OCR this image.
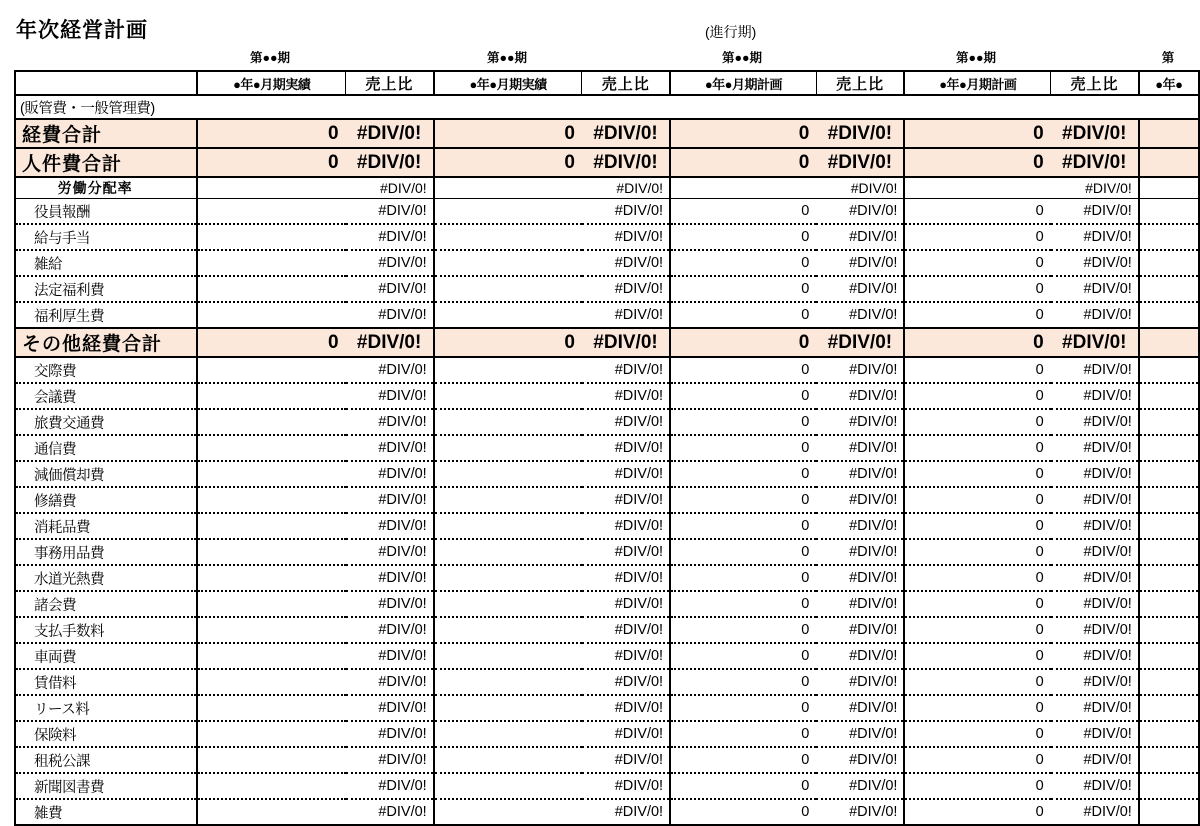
年次経営計画	(進行期)
第●●期	第●●期	第●●期	第●●期	第
	●年●月期実績	売上比	●年●月期実績	売上比	●年●月期計画	売上比	●年●月期計画	売上比	●年●
(販管費・一般管理費)									
経費合計	0	#DIV/0!	0	#DIV/0!	0	#DIV/0!	0	#DIV/0!	
人件費合計	0	#DIV/0!	0	#DIV/0!	0	#DIV/0!	0	#DIV/0!	
労働分配率		#DIV/0!		#DIV/0!		#DIV/0!		#DIV/0!	
役員報酬		#DIV/0!		#DIV/0!	0	#DIV/0!	0	#DIV/0!	
給与手当		#DIV/0!		#DIV/0!	0	#DIV/0!	0	#DIV/0!	
雑給		#DIV/0!		#DIV/0!	0	#DIV/0!	0	#DIV/0!	
法定福利費		#DIV/0!		#DIV/0!	0	#DIV/0!	0	#DIV/0!	
福利厚生費		#DIV/0!		#DIV/0!	0	#DIV/0!	0	#DIV/0!	
その他経費合計	0	#DIV/0!	0	#DIV/0!	0	#DIV/0!	0	#DIV/0!	
交際費		#DIV/0!		#DIV/0!	0	#DIV/0!	0	#DIV/0!	
会議費		#DIV/0!		#DIV/0!	0	#DIV/0!	0	#DIV/0!	
旅費交通費		#DIV/0!		#DIV/0!	0	#DIV/0!	0	#DIV/0!	
通信費		#DIV/0!		#DIV/0!	0	#DIV/0!	0	#DIV/0!	
減価償却費		#DIV/0!		#DIV/0!	0	#DIV/0!	0	#DIV/0!	
修繕費		#DIV/0!		#DIV/0!	0	#DIV/0!	0	#DIV/0!	
消耗品費		#DIV/0!		#DIV/0!	0	#DIV/0!	0	#DIV/0!	
事務用品費		#DIV/0!		#DIV/0!	0	#DIV/0!	0	#DIV/0!	
水道光熱費		#DIV/0!		#DIV/0!	0	#DIV/0!	0	#DIV/0!	
諸会費		#DIV/0!		#DIV/0!	0	#DIV/0!	0	#DIV/0!	
支払手数料		#DIV/0!		#DIV/0!	0	#DIV/0!	0	#DIV/0!	
車両費		#DIV/0!		#DIV/0!	0	#DIV/0!	0	#DIV/0!	
賃借料		#DIV/0!		#DIV/0!	0	#DIV/0!	0	#DIV/0!	
リース料		#DIV/0!		#DIV/0!	0	#DIV/0!	0	#DIV/0!	
保険料		#DIV/0!		#DIV/0!	0	#DIV/0!	0	#DIV/0!	
租税公課		#DIV/0!		#DIV/0!	0	#DIV/0!	0	#DIV/0!	
新聞図書費		#DIV/0!		#DIV/0!	0	#DIV/0!	0	#DIV/0!	
雑費		#DIV/0!		#DIV/0!	0	#DIV/0!	0	#DIV/0!	
